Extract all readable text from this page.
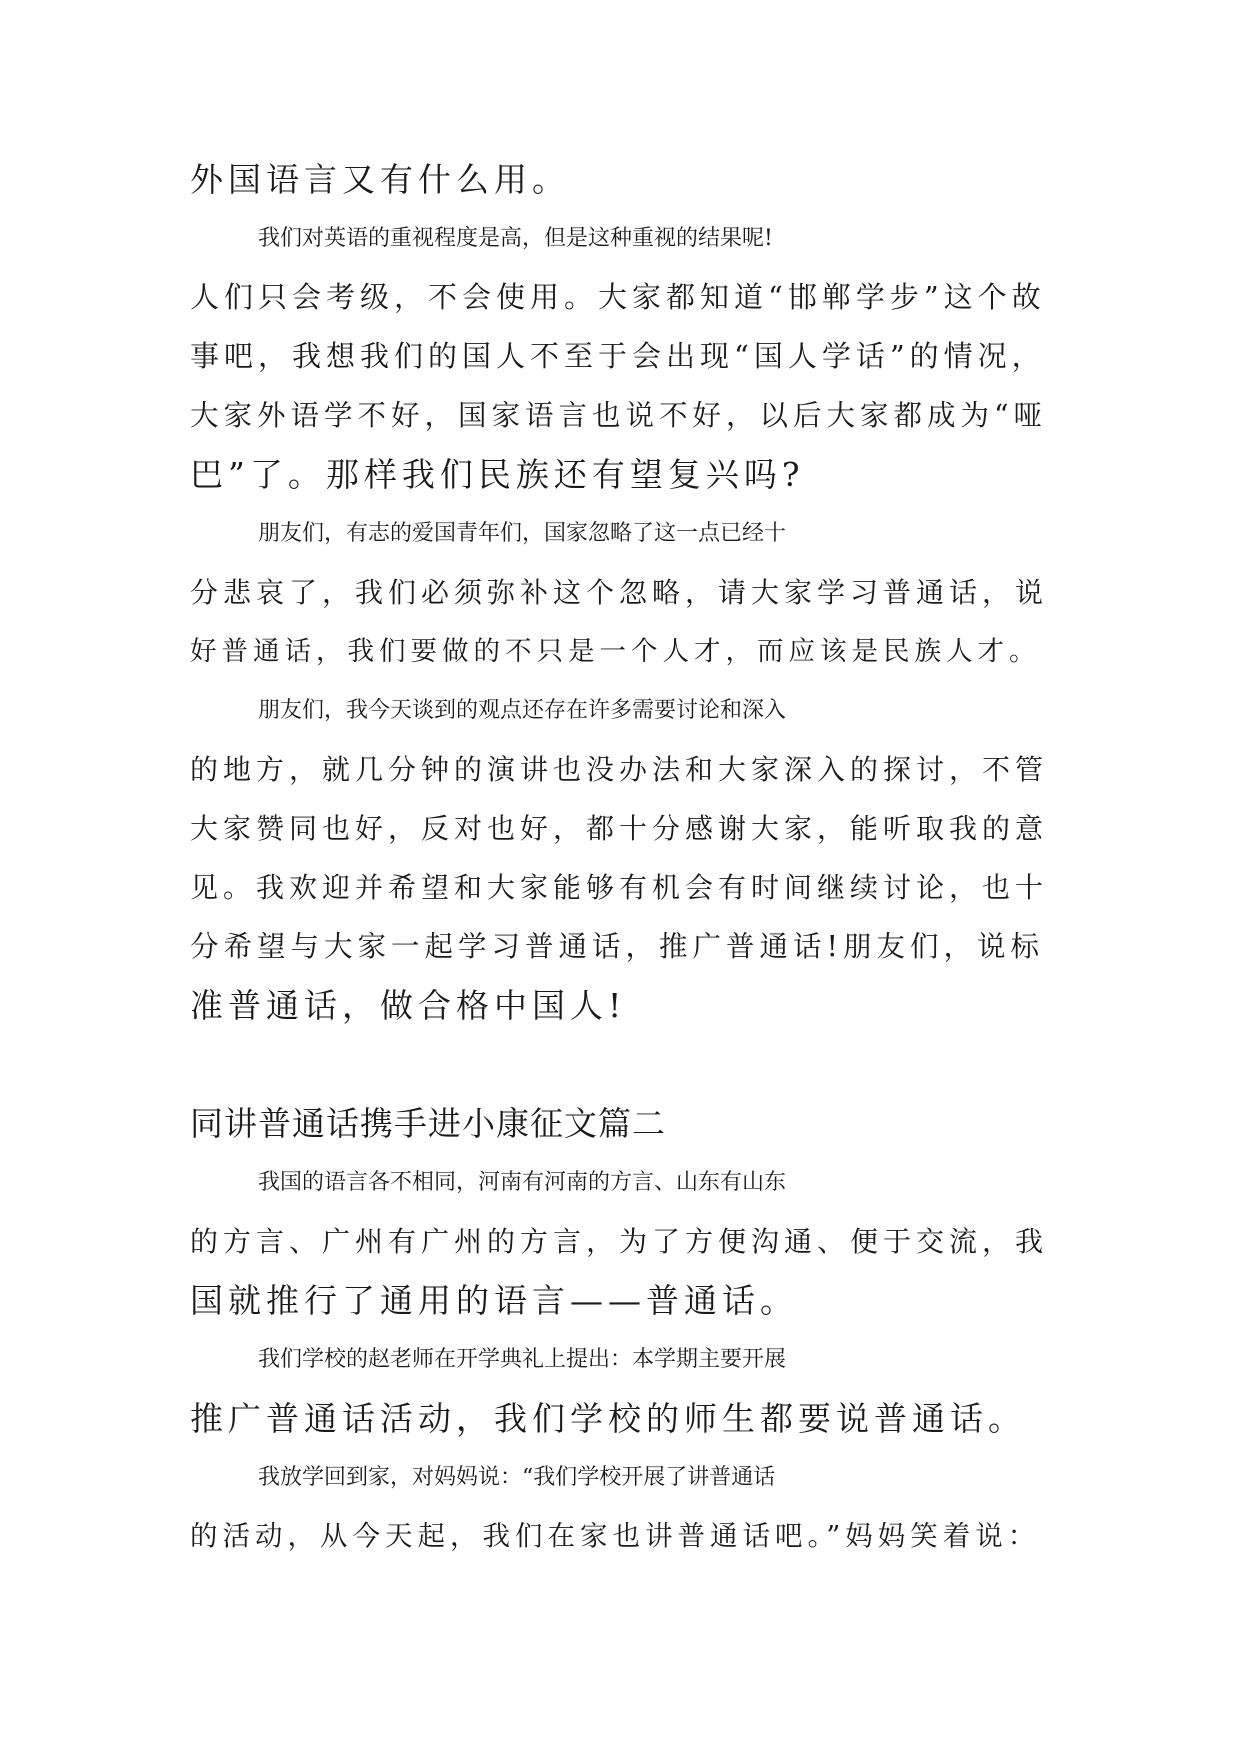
外国语言又有什么用。

我们对英语的重视程度是高，但是这种重视的结果呢!

人们只会考级，不会使用。大家都知道“邯郸学步”这个故

事吧，我想我们的国人不至于会出现“国人学话”的情况，

大家外语学不好，国家语言也说不好，以后大家都成为“哑

巴”了。那样我们民族还有望复兴吗?

朋友们，有志的爱国青年们，国家忽略了这一点已经十

分悲哀了，我们必须弥补这个忽略，请大家学习普通话，说

好普通话，我们要做的不只是一个人才，而应该是民族人才。

朋友们，我今天谈到的观点还存在许多需要讨论和深入

的地方，就几分钟的演讲也没办法和大家深入的探讨，不管

大家赞同也好，反对也好，都十分感谢大家，能听取我的意

见。我欢迎并希望和大家能够有机会有时间继续讨论，也十

分希望与大家一起学习普通话，推广普通话!朋友们，说标

准普通话，做合格中国人!

同讲普通话携手进小康征文篇二

我国的语言各不相同，河南有河南的方言、山东有山东

的方言、广州有广州的方言，为了方便沟通、便于交流，我

国就推行了通用的语言——普通话。

我们学校的赵老师在开学典礼上提出：本学期主要开展

推广普通话活动，我们学校的师生都要说普通话。

我放学回到家，对妈妈说：“我们学校开展了讲普通话

的活动，从今天起，我们在家也讲普通话吧。”妈妈笑着说：
